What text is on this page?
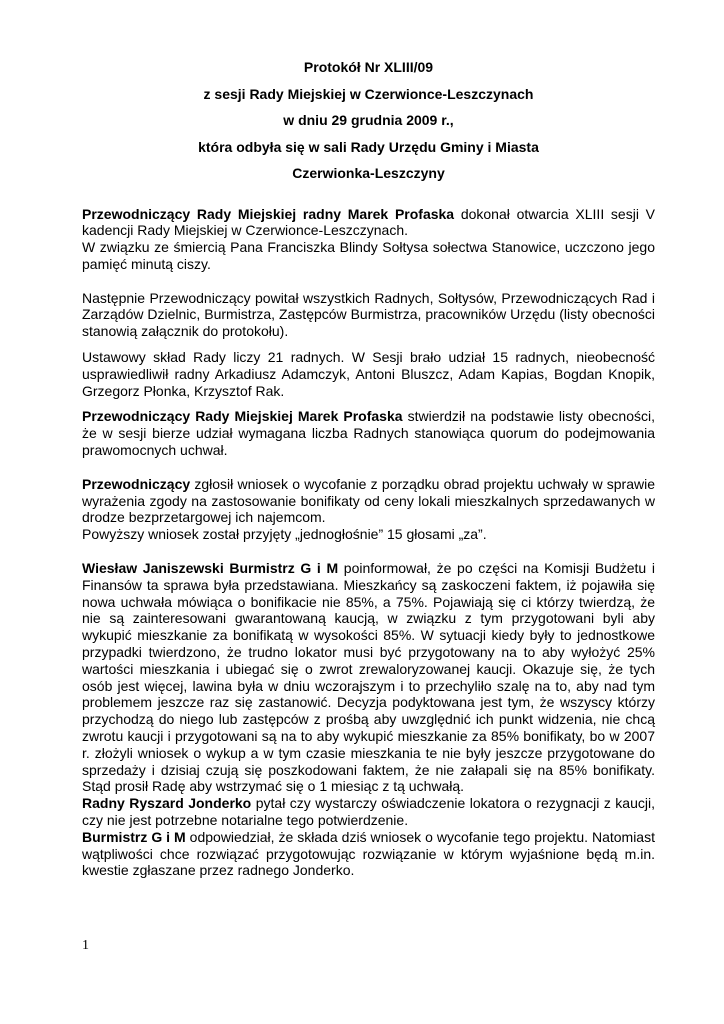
Protokół Nr XLIII/09
z sesji Rady Miejskiej w Czerwionce-Leszczynach
w dniu 29 grudnia 2009 r.,
która odbyła się w sali Rady Urzędu Gminy i Miasta
Czerwionka-Leszczyny

Przewodniczący Rady Miejskiej radny Marek Profaska dokonał otwarcia XLIII sesji V kadencji Rady Miejskiej w Czerwionce-Leszczynach.

W związku ze śmiercią Pana Franciszka Blindy Sołtysa sołectwa Stanowice, uczczono jego pamięć minutą ciszy.

Następnie Przewodniczący powitał wszystkich Radnych, Sołtysów, Przewodniczących Rad i Zarządów Dzielnic, Burmistrza, Zastępców Burmistrza, pracowników Urzędu (listy obecności stanowią załącznik do protokołu).

Ustawowy skład Rady liczy 21 radnych. W Sesji brało udział 15 radnych, nieobecność usprawiedliwił radny Arkadiusz Adamczyk, Antoni Bluszcz, Adam Kapias, Bogdan Knopik, Grzegorz Płonka, Krzysztof Rak.

Przewodniczący Rady Miejskiej Marek Profaska stwierdził na podstawie listy obecności, że w sesji bierze udział wymagana liczba Radnych stanowiąca quorum do podejmowania prawomocnych uchwał.

Przewodniczący zgłosił wniosek o wycofanie z porządku obrad projektu uchwały w sprawie wyrażenia zgody na zastosowanie bonifikaty od ceny lokali mieszkalnych sprzedawanych w drodze bezprzetargowej ich najemcom.

Powyższy wniosek został przyjęty „jednogłośnie” 15 głosami „za”.

Wiesław Janiszewski Burmistrz G i M poinformował, że po części na Komisji Budżetu i Finansów ta sprawa była przedstawiana. Mieszkańcy są zaskoczeni faktem, iż pojawiła się nowa uchwała mówiąca o bonifikacie nie 85%, a 75%. Pojawiają się ci którzy twierdzą, że nie są zainteresowani gwarantowaną kaucją, w związku z tym przygotowani byli aby wykupić mieszkanie za bonifikatą w wysokości 85%. W sytuacji kiedy były to jednostkowe przypadki twierdzono, że trudno lokator musi być przygotowany na to aby wyłożyć 25% wartości mieszkania i ubiegać się o zwrot zrewaloryzowanej kaucji. Okazuje się, że tych osób jest więcej, lawina była w dniu wczorajszym i to przechyliło szalę na to, aby nad tym problemem jeszcze raz się zastanowić. Decyzja podyktowana jest tym, że wszyscy którzy przychodzą do niego lub zastępców z prośbą aby uwzględnić ich punkt widzenia, nie chcą zwrotu kaucji i przygotowani są na to aby wykupić mieszkanie za 85% bonifikaty, bo w 2007 r. złożyli wniosek o wykup a w tym czasie mieszkania te nie były jeszcze przygotowane do sprzedaży i dzisiaj czują się poszkodowani faktem, że nie załapali się na 85% bonifikaty. Stąd prosił Radę aby wstrzymać się o 1 miesiąc z tą uchwałą.

Radny Ryszard Jonderko pytał czy wystarczy oświadczenie lokatora o rezygnacji z kaucji, czy nie jest potrzebne notarialne tego potwierdzenie.

Burmistrz G i M odpowiedział, że składa dziś wniosek o wycofanie tego projektu. Natomiast wątpliwości chce rozwiązać przygotowując rozwiązanie w którym wyjaśnione będą m.in. kwestie zgłaszane przez radnego Jonderko.

1
